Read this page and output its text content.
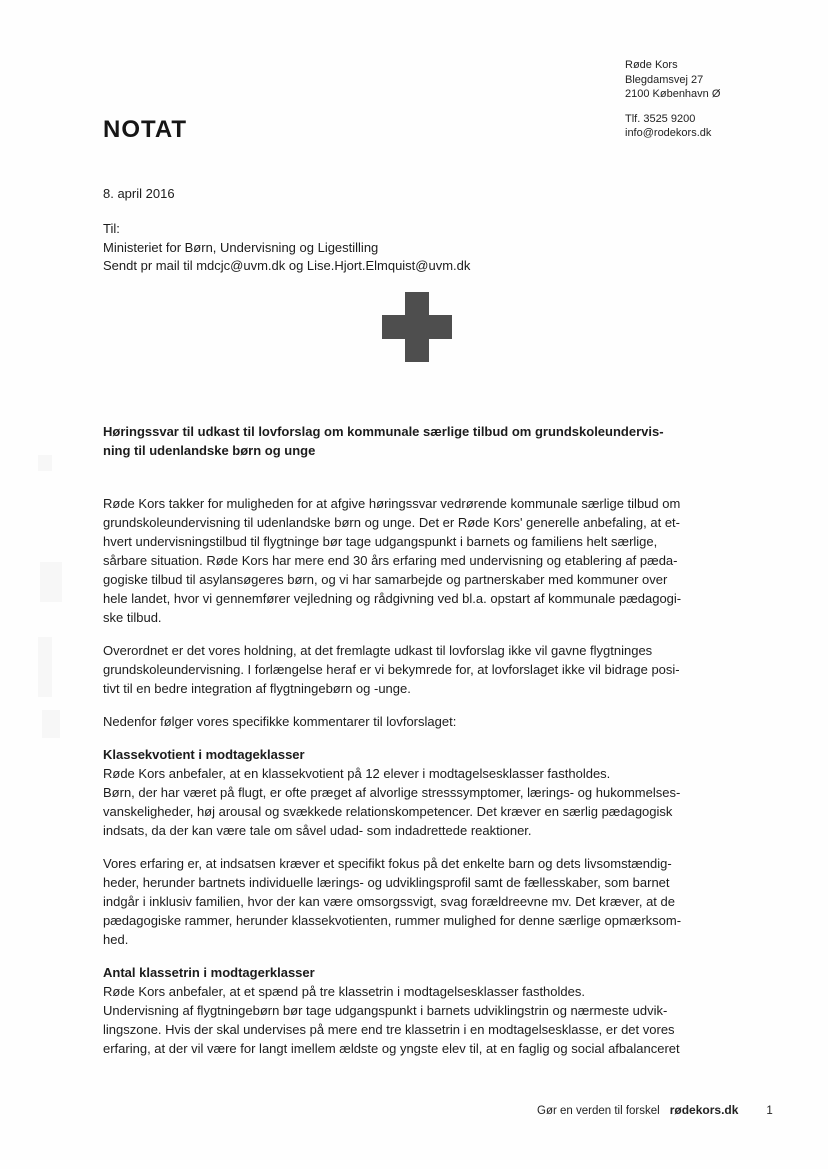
Røde Kors
Blegdamsvej 27
2100 København Ø
Tlf. 3525 9200
info@rodekors.dk
NOTAT
8. april 2016
Til:
Ministeriet for Børn, Undervisning og Ligestilling
Sendt pr mail til mdcjc@uvm.dk og Lise.Hjort.Elmquist@uvm.dk
Høringssvar til udkast til lovforslag om kommunale særlige tilbud om grundskoleundervis-
ning til udenlandske børn og unge
Røde Kors takker for muligheden for at afgive høringssvar vedrørende kommunale særlige tilbud om
grundskoleundervisning til udenlandske børn og unge. Det er Røde Kors' generelle anbefaling, at et-
hvert undervisningstilbud til flygtninge bør tage udgangspunkt i barnets og familiens helt særlige,
sårbare situation. Røde Kors har mere end 30 års erfaring med undervisning og etablering af pæda-
gogiske tilbud til asylansøgeres børn, og vi har samarbejde og partnerskaber med kommuner over
hele landet, hvor vi gennemfører vejledning og rådgivning ved bl.a. opstart af kommunale pædagogi-
ske tilbud.
Overordnet er det vores holdning, at det fremlagte udkast til lovforslag ikke vil gavne flygtninges
grundskoleundervisning. I forlængelse heraf er vi bekymrede for, at lovforslaget ikke vil bidrage posi-
tivt til en bedre integration af flygtningebørn og -unge.
Nedenfor følger vores specifikke kommentarer til lovforslaget:
Klassekvotient i modtageklasser
Røde Kors anbefaler, at en klassekvotient på 12 elever i modtagelsesklasser fastholdes.
Børn, der har været på flugt, er ofte præget af alvorlige stresssymptomer, lærings- og hukommelses-
vanskeligheder, høj arousal og svækkede relationskompetencer. Det kræver en særlig pædagogisk
indsats, da der kan være tale om såvel udad- som indadrettede reaktioner.
Vores erfaring er, at indsatsen kræver et specifikt fokus på det enkelte barn og dets livsomstændig-
heder, herunder bartnets individuelle lærings- og udviklingsprofil samt de fællesskaber, som barnet
indgår i inklusiv familien, hvor der kan være omsorgssvigt, svag forældreevne mv. Det kræver, at de
pædagogiske rammer, herunder klassekvotienten, rummer mulighed for denne særlige opmærksom-
hed.
Antal klassetrin i modtagerklasser
Røde Kors anbefaler, at et spænd på tre klassetrin i modtagelsesklasser fastholdes.
Undervisning af flygtningebørn bør tage udgangspunkt i barnets udviklingstrin og nærmeste udvik-
lingszone. Hvis der skal undervises på mere end tre klassetrin i en modtagelsesklasse, er det vores
erfaring, at der vil være for langt imellem ældste og yngste elev til, at en faglig og social afbalanceret
Gør en verden til forskel rødekors.dk 1
